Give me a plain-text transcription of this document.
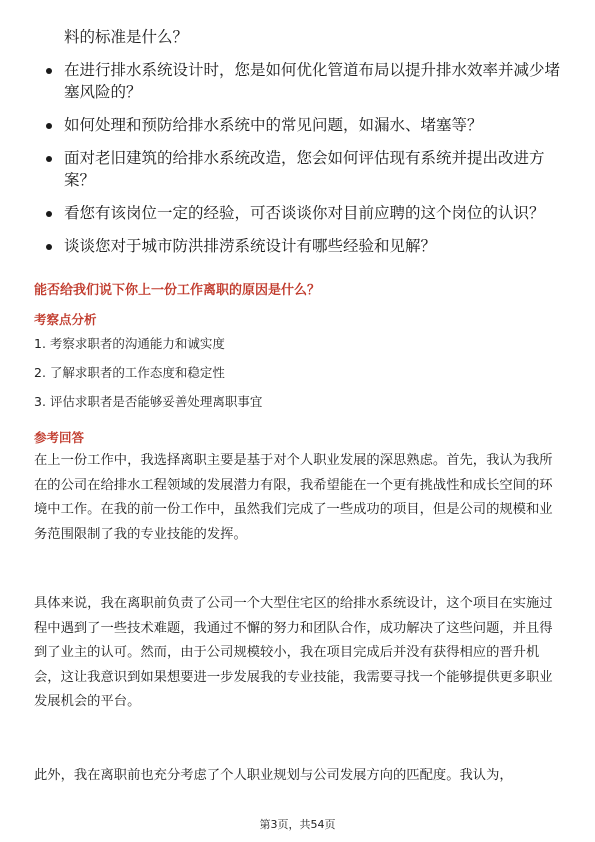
料的标准是什么？
在进行排水系统设计时，您是如何优化管道布局以提升排水效率并减少堵塞风险的？
如何处理和预防给排水系统中的常见问题，如漏水、堵塞等？
面对老旧建筑的给排水系统改造，您会如何评估现有系统并提出改进方案？
看您有该岗位一定的经验，可否谈谈你对目前应聘的这个岗位的认识？
谈谈您对于城市防洪排涝系统设计有哪些经验和见解？
能否给我们说下你上一份工作离职的原因是什么？
考察点分析
1. 考察求职者的沟通能力和诚实度
2. 了解求职者的工作态度和稳定性
3. 评估求职者是否能够妥善处理离职事宜
参考回答

在上一份工作中，我选择离职主要是基于对个人职业发展的深思熟虑。首先，我认为我所在的公司在给排水工程领域的发展潜力有限，我希望能在一个更有挑战性和成长空间的环境中工作。在我的前一份工作中，虽然我们完成了一些成功的项目，但是公司的规模和业务范围限制了我的专业技能的发挥。

具体来说，我在离职前负责了公司一个大型住宅区的给排水系统设计，这个项目在实施过程中遇到了一些技术难题，我通过不懈的努力和团队合作，成功解决了这些问题，并且得到了业主的认可。然而，由于公司规模较小，我在项目完成后并没有获得相应的晋升机会，这让我意识到如果想要进一步发展我的专业技能，我需要寻找一个能够提供更多职业发展机会的平台。

此外，我在离职前也充分考虑了个人职业规划与公司发展方向的匹配度。我认为，

第3页，共54页
